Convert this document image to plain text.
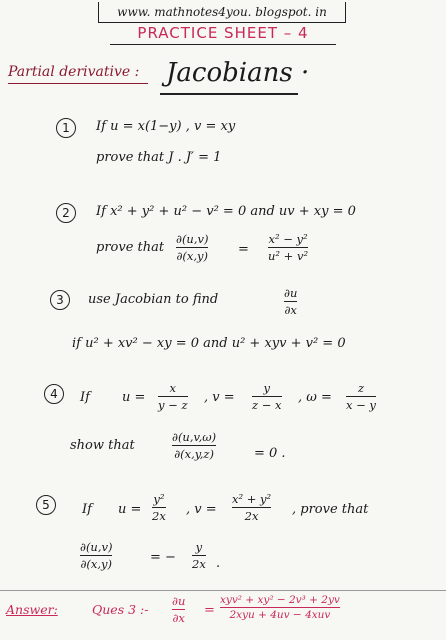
www. mathnotes4you. blogspot. in
PRACTICE SHEET – 4
Partial derivative : Jacobians ·
1	If u = x(1−y) , v = xy
prove that J . J′ = 1
2	If x² + y² + u² − v² = 0 and uv + xy = 0
prove that
∂(u,v)
∂(x,y) =
x² − y²
u² + v²
3	use Jacobian to find	∂u
∂x
if u² + xv² − xy = 0 and u² + xyv + v² = 0
4	If u =
x
y − z , v =
y
z − x , ω =
z
x − y
show that
∂(u,v,ω)
∂(x,y,z)	= 0 .
5	If u =
y²
2x , v =
x² + y²
2x	, prove that
∂(u,v)
∂(x,y)	= −
y
2x .
Answer:	Ques 3 :-
∂u
∂x =
xyv² + xy² − 2v³ + 2yv
2xyu + 4uv − 4xuv
